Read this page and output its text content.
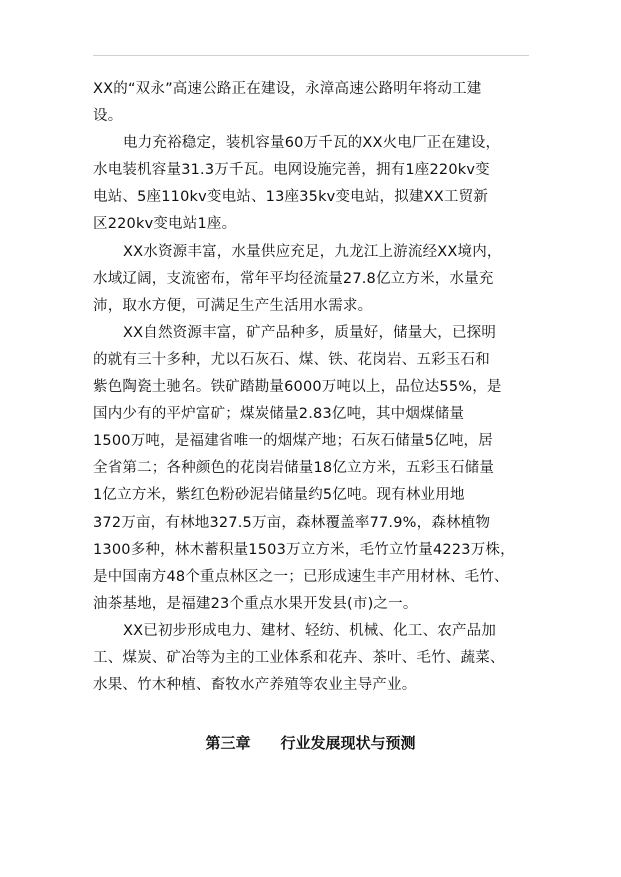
XX的“双永”高速公路正在建设，永漳高速公路明年将动工建
设。
电力充裕稳定，装机容量60万千瓦的XX火电厂正在建设，
水电装机容量31.3万千瓦。电网设施完善，拥有1座220kv变
电站、5座110kv变电站、13座35kv变电站，拟建XX工贸新
区220kv变电站1座。
XX水资源丰富，水量供应充足，九龙江上游流经XX境内，
水域辽阔，支流密布，常年平均径流量27.8亿立方米，水量充
沛，取水方便，可满足生产生活用水需求。
XX自然资源丰富，矿产品种多，质量好，储量大，已探明
的就有三十多种，尤以石灰石、煤、铁、花岗岩、五彩玉石和
紫色陶瓷土驰名。铁矿踏勘量6000万吨以上，品位达55%，是
国内少有的平炉富矿；煤炭储量2.83亿吨，其中烟煤储量
1500万吨，是福建省唯一的烟煤产地；石灰石储量5亿吨，居
全省第二；各种颜色的花岗岩储量18亿立方米，五彩玉石储量
1亿立方米，紫红色粉砂泥岩储量约5亿吨。现有林业用地
372万亩，有林地327.5万亩，森林覆盖率77.9%，森林植物
1300多种，林木蓄积量1503万立方米，毛竹立竹量4223万株，
是中国南方48个重点林区之一；已形成速生丰产用材林、毛竹、
油茶基地，是福建23个重点水果开发县(市)之一。
XX已初步形成电力、建材、轻纺、机械、化工、农产品加
工、煤炭、矿冶等为主的工业体系和花卉、茶叶、毛竹、蔬菜、
水果、竹木种植、畜牧水产养殖等农业主导产业。
第三章 行业发展现状与预测
